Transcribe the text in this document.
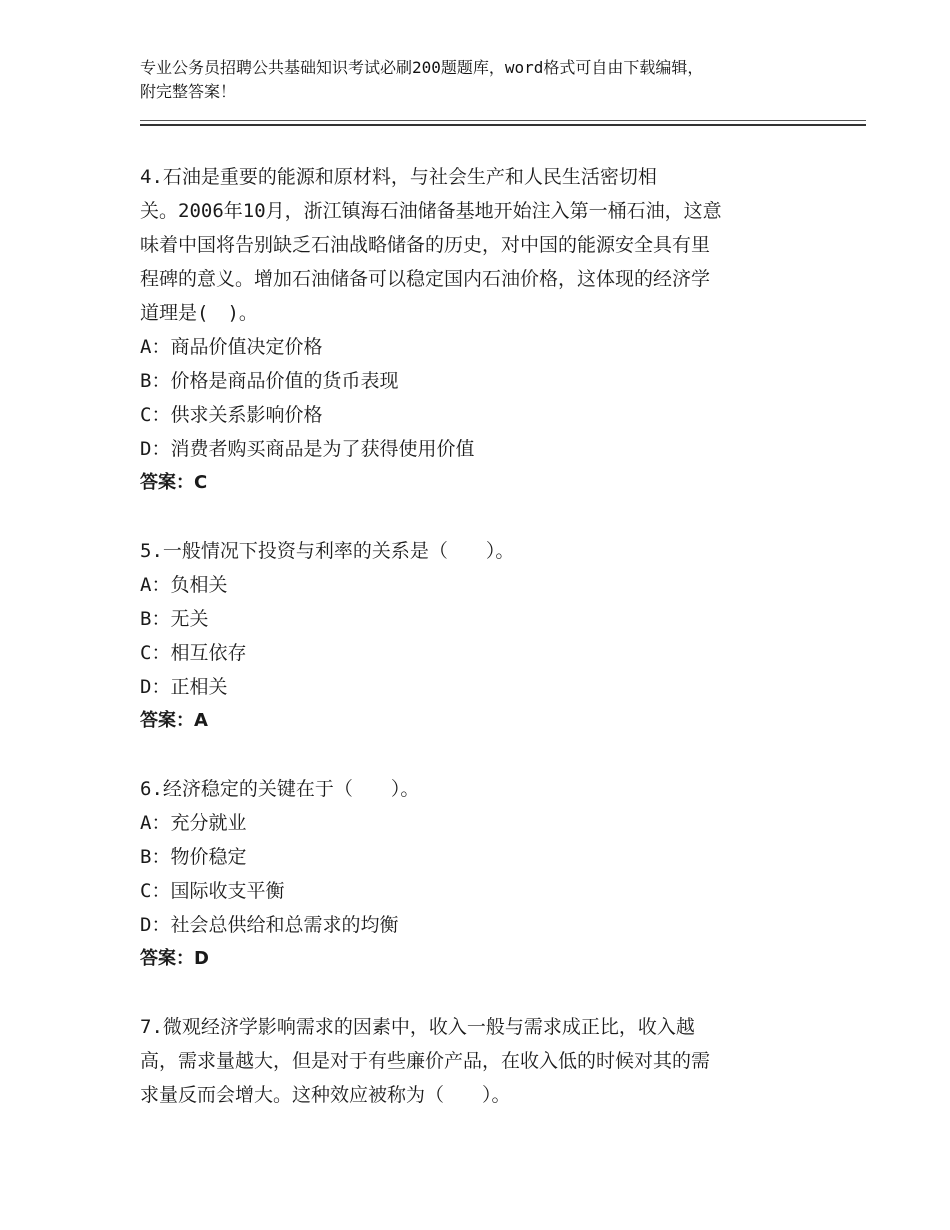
专业公务员招聘公共基础知识考试必刷200题题库，word格式可自由下载编辑，
附完整答案！
4.石油是重要的能源和原材料，与社会生产和人民生活密切相
关。2006年10月，浙江镇海石油储备基地开始注入第一桶石油，这意
味着中国将告别缺乏石油战略储备的历史，对中国的能源安全具有里
程碑的意义。增加石油储备可以稳定国内石油价格，这体现的经济学
道理是(　)。
A：商品价值决定价格
B：价格是商品价值的货币表现
C：供求关系影响价格
D：消费者购买商品是为了获得使用价值
答案：C
5.一般情况下投资与利率的关系是（　　）。
A：负相关
B：无关
C：相互依存
D：正相关
答案：A
6.经济稳定的关键在于（　　）。
A：充分就业
B：物价稳定
C：国际收支平衡
D：社会总供给和总需求的均衡
答案：D
7.微观经济学影响需求的因素中，收入一般与需求成正比，收入越
高，需求量越大，但是对于有些廉价产品，在收入低的时候对其的需
求量反而会增大。这种效应被称为（　　）。
